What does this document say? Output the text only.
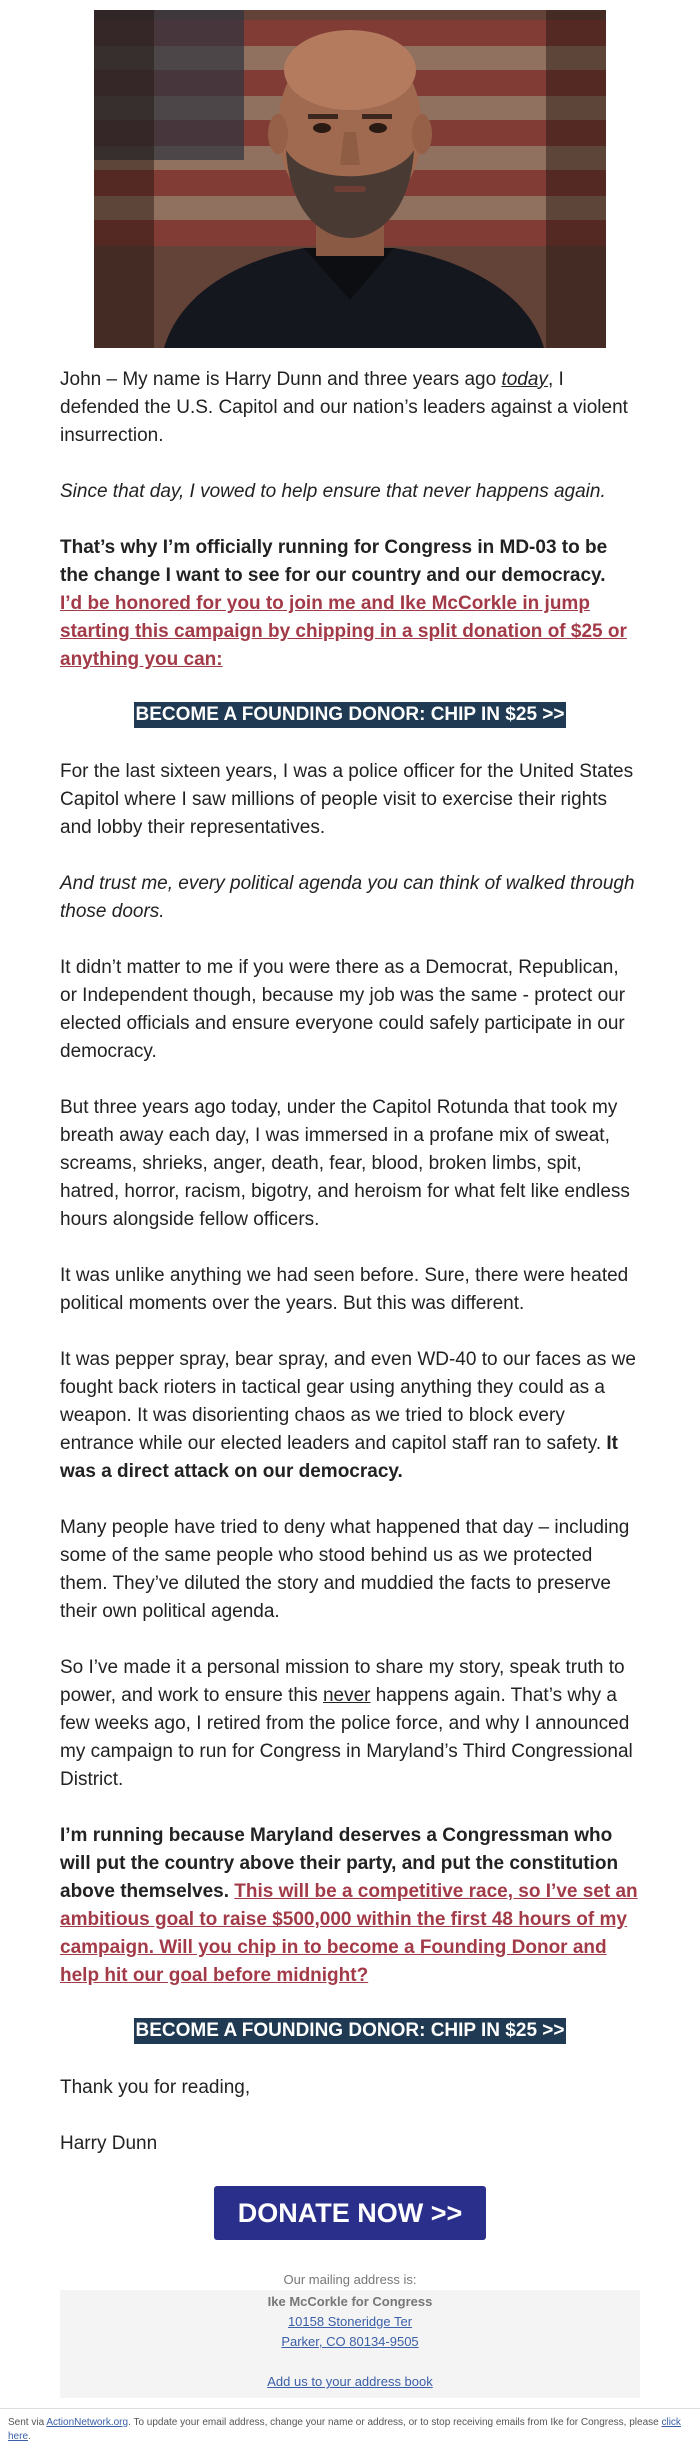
John – My name is Harry Dunn and three years ago today, I defended the U.S. Capitol and our nation’s leaders against a violent insurrection.

Since that day, I vowed to help ensure that never happens again.

That’s why I’m officially running for Congress in MD-03 to be the change I want to see for our country and our democracy.
I’d be honored for you to join me and Ike McCorkle in jump starting this campaign by chipping in a split donation of $25 or anything you can:

BECOME A FOUNDING DONOR: CHIP IN $25 >>

For the last sixteen years, I was a police officer for the United States Capitol where I saw millions of people visit to exercise their rights and lobby their representatives.

And trust me, every political agenda you can think of walked through those doors.

It didn’t matter to me if you were there as a Democrat, Republican, or Independent though, because my job was the same - protect our elected officials and ensure everyone could safely participate in our democracy.

But three years ago today, under the Capitol Rotunda that took my breath away each day, I was immersed in a profane mix of sweat, screams, shrieks, anger, death, fear, blood, broken limbs, spit, hatred, horror, racism, bigotry, and heroism for what felt like endless hours alongside fellow officers.

It was unlike anything we had seen before. Sure, there were heated political moments over the years. But this was different.

It was pepper spray, bear spray, and even WD-40 to our faces as we fought back rioters in tactical gear using anything they could as a weapon. It was disorienting chaos as we tried to block every entrance while our elected leaders and capitol staff ran to safety. It was a direct attack on our democracy.

Many people have tried to deny what happened that day – including some of the same people who stood behind us as we protected them. They’ve diluted the story and muddied the facts to preserve their own political agenda.

So I’ve made it a personal mission to share my story, speak truth to power, and work to ensure this never happens again. That’s why a few weeks ago, I retired from the police force, and why I announced my campaign to run for Congress in Maryland’s Third Congressional District.

I’m running because Maryland deserves a Congressman who will put the country above their party, and put the constitution above themselves. This will be a competitive race, so I’ve set an ambitious goal to raise $500,000 within the first 48 hours of my campaign. Will you chip in to become a Founding Donor and help hit our goal before midnight?

BECOME A FOUNDING DONOR: CHIP IN $25 >>

Thank you for reading,

Harry Dunn

DONATE NOW >>
Our mailing address is:
Ike McCorkle for Congress
10158 Stoneridge Ter
Parker, CO 80134-9505
Add us to your address book
Sent via ActionNetwork.org. To update your email address, change your name or address, or to stop receiving emails from Ike for Congress, please click here.
